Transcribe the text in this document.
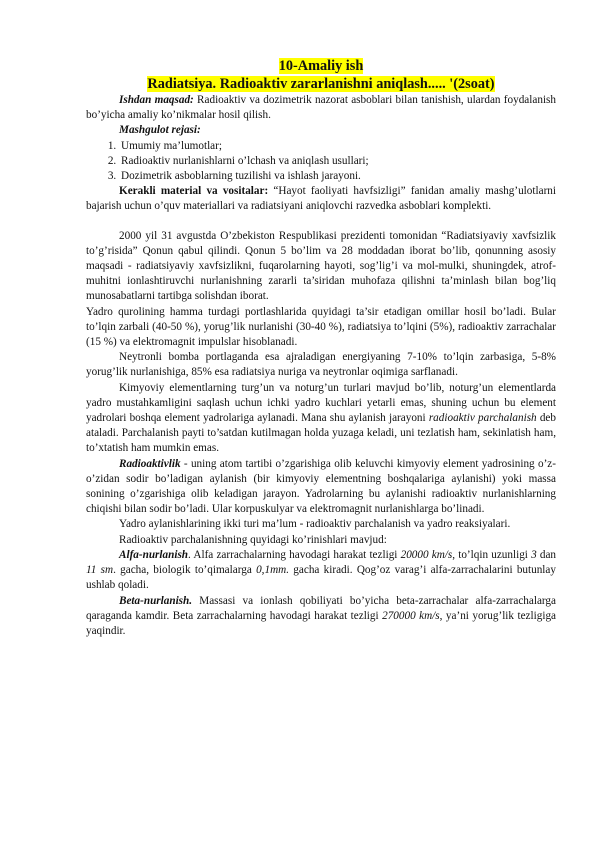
10-Amaliy ish
Radiatsiya. Radioaktiv zararlanishni aniqlash..... '(2soat)

Ishdan maqsad: Radioaktiv va dozimetrik nazorat asboblari bilan tanishish, ulardan foydalanish bo’yicha amaliy ko’nikmalar hosil qilish.

Mashgulot rejasi:

1. Umumiy ma’lumotlar;
2. Radioaktiv nurlanishlarni o’lchash va aniqlash usullari;
3. Dozimetrik asboblarning tuzilishi va ishlash jarayoni.

Kerakli material va vositalar: “Hayot faoliyati havfsizligi” fanidan amaliy mashg’ulotlarni bajarish uchun o’quv materiallari va radiatsiyani aniqlovchi razvedka asboblari komplekti.

2000 yil 31 avgustda O’zbekiston Respublikasi prezidenti tomonidan “Radiatsiyaviy xavfsizlik to’g’risida” Qonun qabul qilindi. Qonun 5 bo’lim va 28 moddadan iborat bo’lib, qonunning asosiy maqsadi - radiatsiyaviy xavfsizlikni, fuqarolarning hayoti, sog’lig’i va mol-mulki, shuningdek, atrof-muhitni ionlashtiruvchi nurlanishning zararli ta’siridan muhofaza qilishni ta’minlash bilan bog’liq munosabatlarni tartibga solishdan iborat.

Yadro qurolining hamma turdagi portlashlarida quyidagi ta’sir etadigan omillar hosil bo’ladi. Bular to’lqin zarbali (40-50 %), yorug’lik nurlanishi (30-40 %), radiatsiya to’lqini (5%), radioaktiv zarrachalar (15 %) va elektromagnit impulslar hisoblanadi.

Neytronli bomba portlaganda esa ajraladigan energiyaning 7-10% to’lqin zarbasiga, 5-8% yorug’lik nurlanishiga, 85% esa radiatsiya nuriga va neytronlar oqimiga sarflanadi.

Kimyoviy elementlarning turg’un va noturg’un turlari mavjud bo’lib, noturg’un elementlarda yadro mustahkamligini saqlash uchun ichki yadro kuchlari yetarli emas, shuning uchun bu element yadrolari boshqa element yadrolariga aylanadi. Mana shu aylanish jarayoni radioaktiv parchalanish deb ataladi. Parchalanish payti to’satdan kutilmagan holda yuzaga keladi, uni tezlatish ham, sekinlatish ham, to’xtatish ham mumkin emas.

Radioaktivlik - uning atom tartibi o’zgarishiga olib keluvchi kimyoviy element yadrosining o’z-o’zidan sodir bo’ladigan aylanish (bir kimyoviy elementning boshqalariga aylanishi) yoki massa sonining o’zgarishiga olib keladigan jarayon. Yadrolarning bu aylanishi radioaktiv nurlanishlarning chiqishi bilan sodir bo’ladi. Ular korpuskulyar va elektromagnit nurlanishlarga bo’linadi.

Yadro aylanishlarining ikki turi ma’lum - radioaktiv parchalanish va yadro reaksiyalari.

Radioaktiv parchalanishning quyidagi ko’rinishlari mavjud:

Alfa-nurlanish. Alfa zarrachalarning havodagi harakat tezligi 20000 km/s, to’lqin uzunligi 3 dan 11 sm. gacha, biologik to’qimalarga 0,1mm. gacha kiradi. Qog’oz varag’i alfa-zarrachalarini butunlay ushlab qoladi.

Beta-nurlanish. Massasi va ionlash qobiliyati bo’yicha beta-zarrachalar alfa-zarrachalarga qaraganda kamdir. Beta zarrachalarning havodagi harakat tezligi 270000 km/s, ya’ni yorug’lik tezligiga yaqindir.
